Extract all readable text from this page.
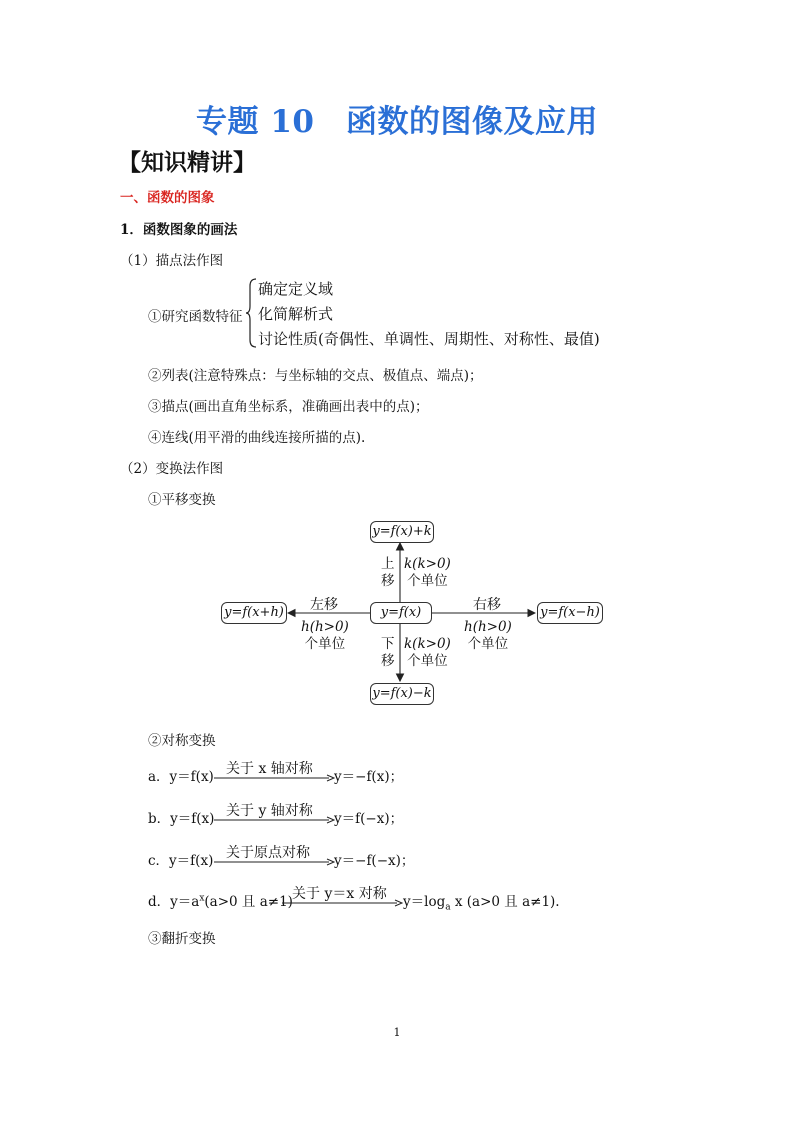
专题 10　函数的图像及应用
【知识精讲】
一、函数的图象
1．函数图象的画法
（1）描点法作图
①研究函数特征
确定定义域
化简解析式
讨论性质(奇偶性、单调性、周期性、对称性、最值)
②列表(注意特殊点：与坐标轴的交点、极值点、端点)；
③描点(画出直角坐标系，准确画出表中的点)；
④连线(用平滑的曲线连接所描的点).
（2）变换法作图
①平移变换
y=f(x)+k
y=f(x)
y=f(x)−k
y=f(x+h)	y=f(x−h)
上
移
k(k>0)
个单位
下
移
k(k>0)
个单位
左移
h(h>0)
个单位
右移
h(h>0)
个单位
②对称变换
a．y＝f(x) 关于 x 轴对称 y＝−f(x)；
b．y＝f(x) 关于 y 轴对称 y＝f(−x)；
c．y＝f(x) 关于原点对称 y＝−f(−x)；
d．$y=a^x(a>0$ 且 a≠1) 关于 y＝x 对称 $y=\log_a$ x (a>0 且 a≠1).
③翻折变换
1
